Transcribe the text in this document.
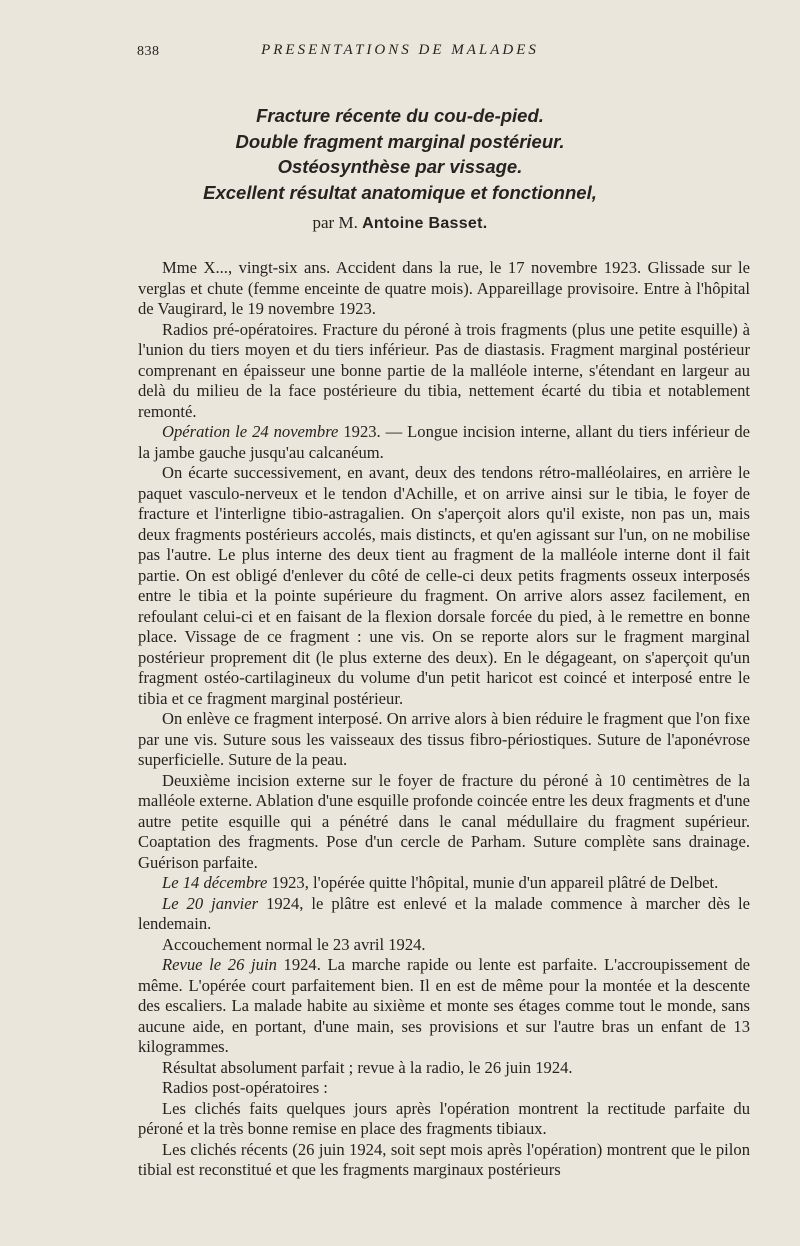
838	PRESENTATIONS DE MALADES
Fracture récente du cou-de-pied.
Double fragment marginal postérieur.
Ostéosynthèse par vissage.
Excellent résultat anatomique et fonctionnel,
par M. Antoine Basset.

Mme X..., vingt-six ans. Accident dans la rue, le 17 novembre 1923. Glissade sur le verglas et chute (femme enceinte de quatre mois). Appareillage provisoire. Entre à l'hôpital de Vaugirard, le 19 novembre 1923.

Radios pré-opératoires. Fracture du péroné à trois fragments (plus une petite esquille) à l'union du tiers moyen et du tiers inférieur. Pas de diastasis. Fragment marginal postérieur comprenant en épaisseur une bonne partie de la malléole interne, s'étendant en largeur au delà du milieu de la face postérieure du tibia, nettement écarté du tibia et notablement remonté.

Opération le 24 novembre 1923. — Longue incision interne, allant du tiers inférieur de la jambe gauche jusqu'au calcanéum.

On écarte successivement, en avant, deux des tendons rétro-malléolaires, en arrière le paquet vasculo-nerveux et le tendon d'Achille, et on arrive ainsi sur le tibia, le foyer de fracture et l'interligne tibio-astragalien. On s'aperçoit alors qu'il existe, non pas un, mais deux fragments postérieurs accolés, mais distincts, et qu'en agissant sur l'un, on ne mobilise pas l'autre. Le plus interne des deux tient au fragment de la malléole interne dont il fait partie. On est obligé d'enlever du côté de celle-ci deux petits fragments osseux interposés entre le tibia et la pointe supérieure du fragment. On arrive alors assez facilement, en refoulant celui-ci et en faisant de la flexion dorsale forcée du pied, à le remettre en bonne place. Vissage de ce fragment : une vis. On se reporte alors sur le fragment marginal postérieur proprement dit (le plus externe des deux). En le dégageant, on s'aperçoit qu'un fragment ostéo-cartilagineux du volume d'un petit haricot est coincé et interposé entre le tibia et ce fragment marginal postérieur.

On enlève ce fragment interposé. On arrive alors à bien réduire le fragment que l'on fixe par une vis. Suture sous les vaisseaux des tissus fibro-périostiques. Suture de l'aponévrose superficielle. Suture de la peau.

Deuxième incision externe sur le foyer de fracture du péroné à 10 centimètres de la malléole externe. Ablation d'une esquille profonde coincée entre les deux fragments et d'une autre petite esquille qui a pénétré dans le canal médullaire du fragment supérieur. Coaptation des fragments. Pose d'un cercle de Parham. Suture complète sans drainage. Guérison parfaite.

Le 14 décembre 1923, l'opérée quitte l'hôpital, munie d'un appareil plâtré de Delbet.

Le 20 janvier 1924, le plâtre est enlevé et la malade commence à marcher dès le lendemain.

Accouchement normal le 23 avril 1924.

Revue le 26 juin 1924. La marche rapide ou lente est parfaite. L'accroupissement de même. L'opérée court parfaitement bien. Il en est de même pour la montée et la descente des escaliers. La malade habite au sixième et monte ses étages comme tout le monde, sans aucune aide, en portant, d'une main, ses provisions et sur l'autre bras un enfant de 13 kilogrammes.

Résultat absolument parfait ; revue à la radio, le 26 juin 1924.

Radios post-opératoires :

Les clichés faits quelques jours après l'opération montrent la rectitude parfaite du péroné et la très bonne remise en place des fragments tibiaux.

Les clichés récents (26 juin 1924, soit sept mois après l'opération) montrent que le pilon tibial est reconstitué et que les fragments marginaux postérieurs
